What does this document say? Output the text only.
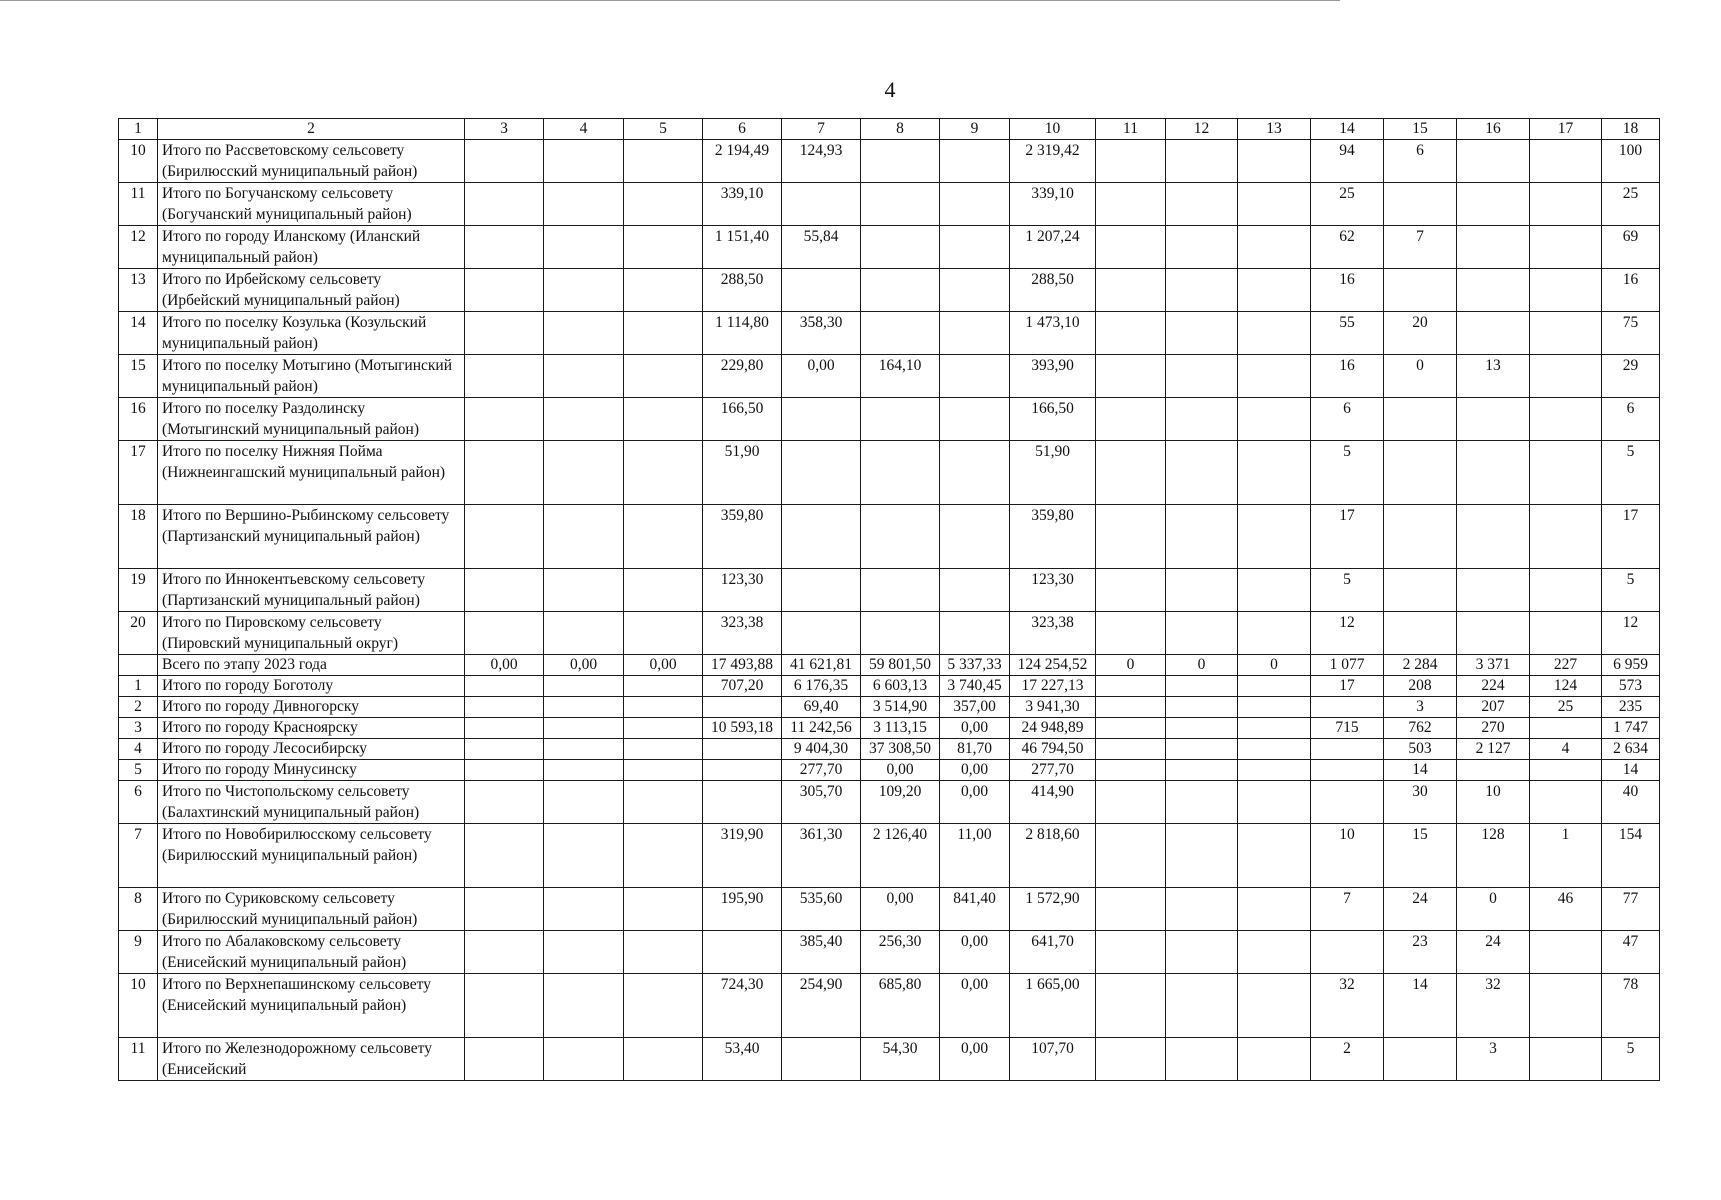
4
1	2	3	4	5	6	7	8	9	10	11	12	13	14	15	16	17	18
10	Итого по Рассветовскому сельсовету (Бирилюсский муниципальный район)				2 194,49	124,93			2 319,42				94	6			100
11	Итого по Богучанскому сельсовету (Богучанский муниципальный район)				339,10				339,10				25				25
12	Итого по городу Иланскому (Иланский муниципальный район)				1 151,40	55,84			1 207,24				62	7			69
13	Итого по Ирбейскому сельсовету (Ирбейский муниципальный район)				288,50				288,50				16				16
14	Итого по поселку Козулька (Козульский муниципальный район)				1 114,80	358,30			1 473,10				55	20			75
15	Итого по поселку Мотыгино (Мотыгинский муниципальный район)				229,80	0,00	164,10		393,90				16	0	13		29
16	Итого по поселку Раздолинску (Мотыгинский муниципальный район)				166,50				166,50				6				6
17	Итого по поселку Нижняя Пойма (Нижнеингашский муниципальный район)				51,90				51,90				5				5
18	Итого по Вершино-Рыбинскому сельсовету (Партизанский муниципальный район)				359,80				359,80				17				17
19	Итого по Иннокентьевскому сельсовету (Партизанский муниципальный район)				123,30				123,30				5				5
20	Итого по Пировскому сельсовету (Пировский муниципальный округ)				323,38				323,38				12				12
	Всего по этапу 2023 года	0,00	0,00	0,00	17 493,88	41 621,81	59 801,50	5 337,33	124 254,52	0	0	0	1 077	2 284	3 371	227	6 959
1	Итого по городу Боготолу				707,20	6 176,35	6 603,13	3 740,45	17 227,13				17	208	224	124	573
2	Итого по городу Дивногорску					69,40	3 514,90	357,00	3 941,30					3	207	25	235
3	Итого по городу Красноярску				10 593,18	11 242,56	3 113,15	0,00	24 948,89				715	762	270		1 747
4	Итого по городу Лесосибирску					9 404,30	37 308,50	81,70	46 794,50					503	2 127	4	2 634
5	Итого по городу Минусинску					277,70	0,00	0,00	277,70					14			14
6	Итого по Чистопольскому сельсовету (Балахтинский муниципальный район)					305,70	109,20	0,00	414,90					30	10		40
7	Итого по Новобирилюсскому сельсовету (Бирилюсский муниципальный район)				319,90	361,30	2 126,40	11,00	2 818,60				10	15	128	1	154
8	Итого по Суриковскому сельсовету (Бирилюсский муниципальный район)				195,90	535,60	0,00	841,40	1 572,90				7	24	0	46	77
9	Итого по Абалаковскому сельсовету (Енисейский муниципальный район)					385,40	256,30	0,00	641,70					23	24		47
10	Итого по Верхнепашинскому сельсовету (Енисейский муниципальный район)				724,30	254,90	685,80	0,00	1 665,00				32	14	32		78
11	Итого по Железнодорожному сельсовету (Енисейский				53,40		54,30	0,00	107,70				2		3		5
